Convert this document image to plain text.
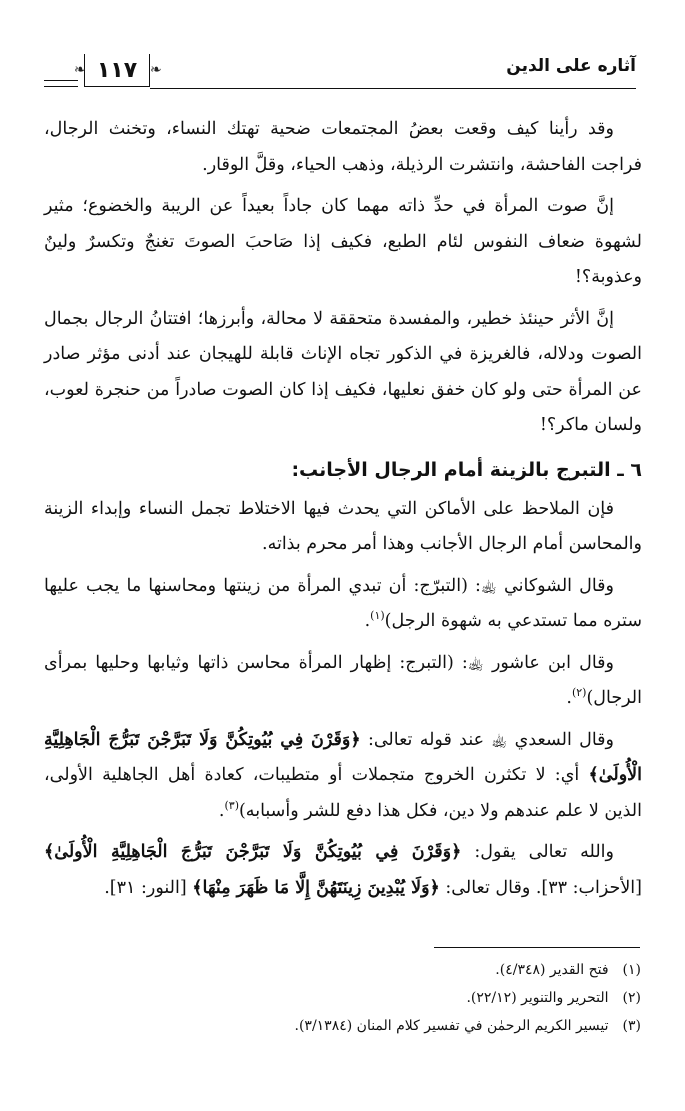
آثاره على الدين
❧
١١٧
❧

وقد رأينا كيف وقعت بعضُ المجتمعات ضحية تهتك النساء، وتخنث الرجال، فراجت الفاحشة، وانتشرت الرذيلة، وذهب الحياء، وقلَّ الوقار.

إنَّ صوت المرأة في حدِّ ذاته مهما كان جاداً بعيداً عن الريبة والخضوع؛ مثير لشهوة ضعاف النفوس لئام الطبع، فكيف إذا صَاحبَ الصوتَ تغنجٌ وتكسرٌ ولينٌ وعذوبة؟!

إنَّ الأثر حينئذ خطير، والمفسدة متحققة لا محالة، وأبرزها؛ افتتانُ الرجال بجمال الصوت ودلاله، فالغريزة في الذكور تجاه الإناث قابلة للهيجان عند أدنى مؤثر صادر عن المرأة حتى ولو كان خفق نعليها، فكيف إذا كان الصوت صادراً من حنجرة لعوب، ولسان ماكر؟!

٦ ـ التبرج بالزينة أمام الرجال الأجانب:

فإن الملاحظ على الأماكن التي يحدث فيها الاختلاط تجمل النساء وإبداء الزينة والمحاسن أمام الرجال الأجانب وهذا أمر محرم بذاته.

وقال الشوكاني ﵀: (التبرّج: أن تبدي المرأة من زينتها ومحاسنها ما يجب عليها ستره مما تستدعي به شهوة الرجل)$^{(١)}$.

وقال ابن عاشور ﵀: (التبرج: إظهار المرأة محاسن ذاتها وثيابها وحليها بمرأى الرجال)$^{(٢)}$.

وقال السعدي ﵀ عند قوله تعالى: ﴿وَقَرْنَ فِي بُيُوتِكُنَّ وَلَا تَبَرَّجْنَ تَبَرُّجَ الْجَاهِلِيَّةِ الْأُولَىٰ﴾ أي: لا تكثرن الخروج متجملات أو متطيبات، كعادة أهل الجاهلية الأولى، الذين لا علم عندهم ولا دين، فكل هذا دفع للشر وأسبابه)$^{(٣)}$.

والله تعالى يقول: ﴿وَقَرْنَ فِي بُيُوتِكُنَّ وَلَا تَبَرَّجْنَ تَبَرُّجَ الْجَاهِلِيَّةِ الْأُولَىٰ﴾ [الأحزاب: ٣٣]. وقال تعالى: ﴿وَلَا يُبْدِينَ زِينَتَهُنَّ إِلَّا مَا ظَهَرَ مِنْهَا﴾ [النور: ٣١].

(١)فتح القدير (٤/٣٤٨).
(٢)التحرير والتنوير (٢٢/١٢).
(٣)تيسير الكريم الرحمٰن في تفسير كلام المنان (٣/١٣٨٤).
